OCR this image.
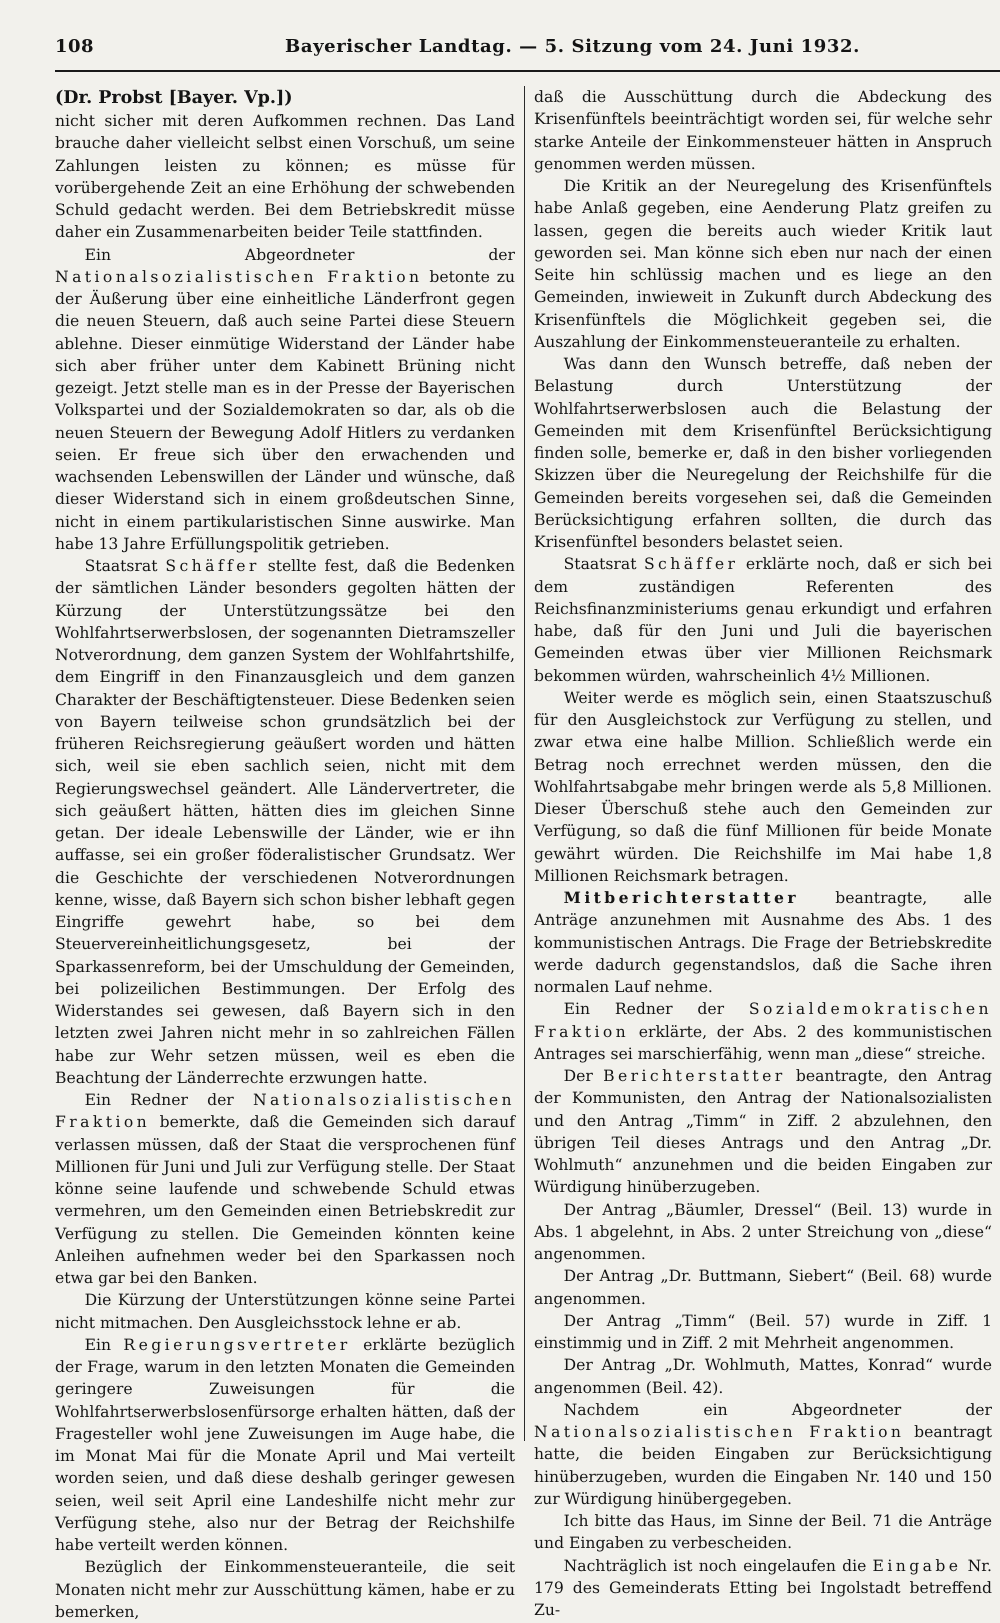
108	Bayerischer Landtag. — 5. Sitzung vom 24. Juni 1932.

(Dr. Probst [Bayer. Vp.])

nicht sicher mit deren Aufkommen rechnen. Das Land brauche daher vielleicht selbst einen Vorschuß, um seine Zahlungen leisten zu können; es müsse für vorübergehende Zeit an eine Erhöhung der schwebenden Schuld gedacht werden. Bei dem Betriebskredit müsse daher ein Zusammenarbeiten beider Teile stattfinden.

Ein Abgeordneter der Nationalsozialistischen Fraktion betonte zu der Äußerung über eine einheitliche Länderfront gegen die neuen Steuern, daß auch seine Partei diese Steuern ablehne. Dieser einmütige Widerstand der Länder habe sich aber früher unter dem Kabinett Brüning nicht gezeigt. Jetzt stelle man es in der Presse der Bayerischen Volkspartei und der Sozialdemokraten so dar, als ob die neuen Steuern der Bewegung Adolf Hitlers zu verdanken seien. Er freue sich über den erwachenden und wachsenden Lebenswillen der Länder und wünsche, daß dieser Widerstand sich in einem großdeutschen Sinne, nicht in einem partikularistischen Sinne auswirke. Man habe 13 Jahre Erfüllungspolitik getrieben.

Staatsrat Schäffer stellte fest, daß die Bedenken der sämtlichen Länder besonders gegolten hätten der Kürzung der Unterstützungssätze bei den Wohlfahrtserwerbslosen, der sogenannten Dietramszeller Notverordnung, dem ganzen System der Wohlfahrtshilfe, dem Eingriff in den Finanzausgleich und dem ganzen Charakter der Beschäftigtensteuer. Diese Bedenken seien von Bayern teilweise schon grundsätzlich bei der früheren Reichsregierung geäußert worden und hätten sich, weil sie eben sachlich seien, nicht mit dem Regierungswechsel geändert. Alle Ländervertreter, die sich geäußert hätten, hätten dies im gleichen Sinne getan. Der ideale Lebenswille der Länder, wie er ihn auffasse, sei ein großer föderalistischer Grundsatz. Wer die Geschichte der verschiedenen Notverordnungen kenne, wisse, daß Bayern sich schon bisher lebhaft gegen Eingriffe gewehrt habe, so bei dem Steuervereinheitlichungsgesetz, bei der Sparkassenreform, bei der Umschuldung der Gemeinden, bei polizeilichen Bestimmungen. Der Erfolg des Widerstandes sei gewesen, daß Bayern sich in den letzten zwei Jahren nicht mehr in so zahlreichen Fällen habe zur Wehr setzen müssen, weil es eben die Beachtung der Länderrechte erzwungen hatte.

Ein Redner der Nationalsozialistischen Fraktion bemerkte, daß die Gemeinden sich darauf verlassen müssen, daß der Staat die versprochenen fünf Millionen für Juni und Juli zur Verfügung stelle. Der Staat könne seine laufende und schwebende Schuld etwas vermehren, um den Gemeinden einen Betriebskredit zur Verfügung zu stellen. Die Gemeinden könnten keine Anleihen aufnehmen weder bei den Sparkassen noch etwa gar bei den Banken.

Die Kürzung der Unterstützungen könne seine Partei nicht mitmachen. Den Ausgleichsstock lehne er ab.

Ein Regierungsvertreter erklärte bezüglich der Frage, warum in den letzten Monaten die Gemeinden geringere Zuweisungen für die Wohlfahrtserwerbslosenfürsorge erhalten hätten, daß der Fragesteller wohl jene Zuweisungen im Auge habe, die im Monat Mai für die Monate April und Mai verteilt worden seien, und daß diese deshalb geringer gewesen seien, weil seit April eine Landeshilfe nicht mehr zur Verfügung stehe, also nur der Betrag der Reichshilfe habe verteilt werden können.

Bezüglich der Einkommensteueranteile, die seit Monaten nicht mehr zur Ausschüttung kämen, habe er zu bemerken,

daß die Ausschüttung durch die Abdeckung des Krisenfünftels beeinträchtigt worden sei, für welche sehr starke Anteile der Einkommensteuer hätten in Anspruch genommen werden müssen.

Die Kritik an der Neuregelung des Krisenfünftels habe Anlaß gegeben, eine Aenderung Platz greifen zu lassen, gegen die bereits auch wieder Kritik laut geworden sei. Man könne sich eben nur nach der einen Seite hin schlüssig machen und es liege an den Gemeinden, inwieweit in Zukunft durch Abdeckung des Krisenfünftels die Möglichkeit gegeben sei, die Auszahlung der Einkommensteueranteile zu erhalten.

Was dann den Wunsch betreffe, daß neben der Belastung durch Unterstützung der Wohlfahrtserwerbslosen auch die Belastung der Gemeinden mit dem Krisenfünftel Berücksichtigung finden solle, bemerke er, daß in den bisher vorliegenden Skizzen über die Neuregelung der Reichshilfe für die Gemeinden bereits vorgesehen sei, daß die Gemeinden Berücksichtigung erfahren sollten, die durch das Krisenfünftel besonders belastet seien.

Staatsrat Schäffer erklärte noch, daß er sich bei dem zuständigen Referenten des Reichsfinanzministeriums genau erkundigt und erfahren habe, daß für den Juni und Juli die bayerischen Gemeinden etwas über vier Millionen Reichsmark bekommen würden, wahrscheinlich 4½ Millionen.

Weiter werde es möglich sein, einen Staatszuschuß für den Ausgleichstock zur Verfügung zu stellen, und zwar etwa eine halbe Million. Schließlich werde ein Betrag noch errechnet werden müssen, den die Wohlfahrtsabgabe mehr bringen werde als 5,8 Millionen. Dieser Überschuß stehe auch den Gemeinden zur Verfügung, so daß die fünf Millionen für beide Monate gewährt würden. Die Reichshilfe im Mai habe 1,8 Millionen Reichsmark betragen.

Mitberichterstatter beantragte, alle Anträge anzunehmen mit Ausnahme des Abs. 1 des kommunistischen Antrags. Die Frage der Betriebskredite werde dadurch gegenstandslos, daß die Sache ihren normalen Lauf nehme.

Ein Redner der Sozialdemokratischen Fraktion erklärte, der Abs. 2 des kommunistischen Antrages sei marschierfähig, wenn man „diese“ streiche.

Der Berichterstatter beantragte, den Antrag der Kommunisten, den Antrag der Nationalsozialisten und den Antrag „Timm“ in Ziff. 2 abzulehnen, den übrigen Teil dieses Antrags und den Antrag „Dr. Wohlmuth“ anzunehmen und die beiden Eingaben zur Würdigung hinüberzugeben.

Der Antrag „Bäumler, Dressel“ (Beil. 13) wurde in Abs. 1 abgelehnt, in Abs. 2 unter Streichung von „diese“ angenommen.

Der Antrag „Dr. Buttmann, Siebert“ (Beil. 68) wurde angenommen.

Der Antrag „Timm“ (Beil. 57) wurde in Ziff. 1 einstimmig und in Ziff. 2 mit Mehrheit angenommen.

Der Antrag „Dr. Wohlmuth, Mattes, Konrad“ wurde angenommen (Beil. 42).

Nachdem ein Abgeordneter der Nationalsozialistischen Fraktion beantragt hatte, die beiden Eingaben zur Berücksichtigung hinüberzugeben, wurden die Eingaben Nr. 140 und 150 zur Würdigung hinübergegeben.

Ich bitte das Haus, im Sinne der Beil. 71 die Anträge und Eingaben zu verbescheiden.

Nachträglich ist noch eingelaufen die Eingabe Nr. 179 des Gemeinderats Etting bei Ingolstadt betreffend Zu-
